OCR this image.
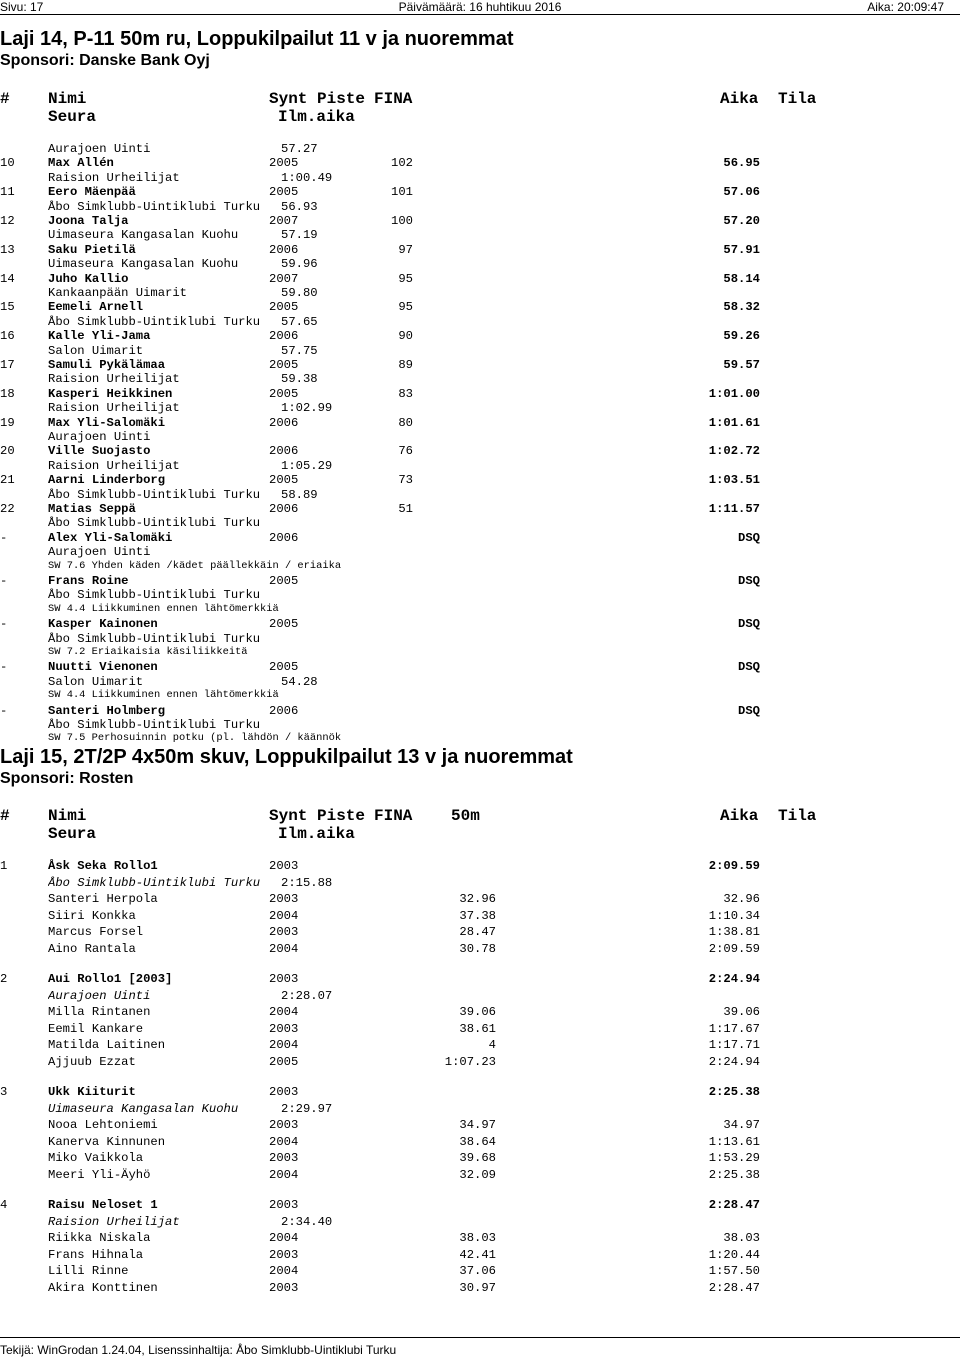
Sivu: 17	Päivämäärä: 16 huhtikuu 2016	Aika: 20:09:47
Laji 14, P-11 50m ru, Loppukilpailut 11 v ja nuoremmat
Sponsori: Danske Bank Oyj
# Nimi	Synt Piste FINA	Aika Tila
Seura	Ilm.aika
Aurajoen Uinti	57.27
10	Max Allén	2005	102	56.95
Raision Urheilijat	1:00.49
11	Eero Mäenpää	2005	101	57.06
Åbo Simklubb-Uintiklubi Turku	56.93
12	Joona Talja	2007	100	57.20
Uimaseura Kangasalan Kuohu	57.19
13	Saku Pietilä	2006	97	57.91
Uimaseura Kangasalan Kuohu	59.96
14	Juho Kallio	2007	95	58.14
Kankaanpään Uimarit	59.80
15	Eemeli Arnell	2005	95	58.32
Åbo Simklubb-Uintiklubi Turku	57.65
16	Kalle Yli-Jama	2006	90	59.26
Salon Uimarit	57.75
17	Samuli Pykälämaa	2005	89	59.57
Raision Urheilijat	59.38
18	Kasperi Heikkinen	2005	83	1:01.00
Raision Urheilijat	1:02.99
19	Max Yli-Salomäki	2006	80	1:01.61
Aurajoen Uinti
20	Ville Suojasto	2006	76	1:02.72
Raision Urheilijat	1:05.29
21	Aarni Linderborg	2005	73	1:03.51
Åbo Simklubb-Uintiklubi Turku	58.89
22	Matias Seppä	2006	51	1:11.57
Åbo Simklubb-Uintiklubi Turku
-	Alex Yli-Salomäki	2006	DSQ
Aurajoen Uinti
SW 7.6 Yhden käden /kädet päällekkäin / eriaika
-	Frans Roine	2005	DSQ
Åbo Simklubb-Uintiklubi Turku
SW 4.4 Liikkuminen ennen lähtömerkkiä
-	Kasper Kainonen	2005	DSQ
Åbo Simklubb-Uintiklubi Turku
SW 7.2 Eriaikaisia käsiliikkeitä
-	Nuutti Vienonen	2005	DSQ
Salon Uimarit	54.28
SW 4.4 Liikkuminen ennen lähtömerkkiä
-	Santeri Holmberg	2006	DSQ
Åbo Simklubb-Uintiklubi Turku
SW 7.5 Perhosuinnin potku (pl. lähdön / käännök
Laji 15, 2T/2P 4x50m skuv, Loppukilpailut 13 v ja nuoremmat
Sponsori: Rosten
# Nimi	Synt Piste FINA 50m	Aika Tila
Seura	Ilm.aika
1	Åsk Seka Rollo1	2003	2:09.59
Åbo Simklubb-Uintiklubi Turku	2:15.88
Santeri Herpola	2003	32.96	32.96
Siiri Konkka	2004	37.38	1:10.34
Marcus Forsel	2003	28.47	1:38.81
Aino Rantala	2004	30.78	2:09.59
2	Aui Rollo1 [2003]	2003	2:24.94
Aurajoen Uinti	2:28.07
Milla Rintanen	2004	39.06	39.06
Eemil Kankare	2003	38.61	1:17.67
Matilda Laitinen	2004	4	1:17.71
Ajjuub Ezzat	2005	1:07.23	2:24.94
3	Ukk Kiiturit	2003	2:25.38
Uimaseura Kangasalan Kuohu	2:29.97
Nooa Lehtoniemi	2003	34.97	34.97
Kanerva Kinnunen	2004	38.64	1:13.61
Miko Vaikkola	2003	39.68	1:53.29
Meeri Yli-Äyhö	2004	32.09	2:25.38
4	Raisu Neloset 1	2003	2:28.47
Raision Urheilijat	2:34.40
Riikka Niskala	2004	38.03	38.03
Frans Hihnala	2003	42.41	1:20.44
Lilli Rinne	2004	37.06	1:57.50
Akira Konttinen	2003	30.97	2:28.47
Tekijä: WinGrodan 1.24.04, Lisenssinhaltija: Åbo Simklubb-Uintiklubi Turku
